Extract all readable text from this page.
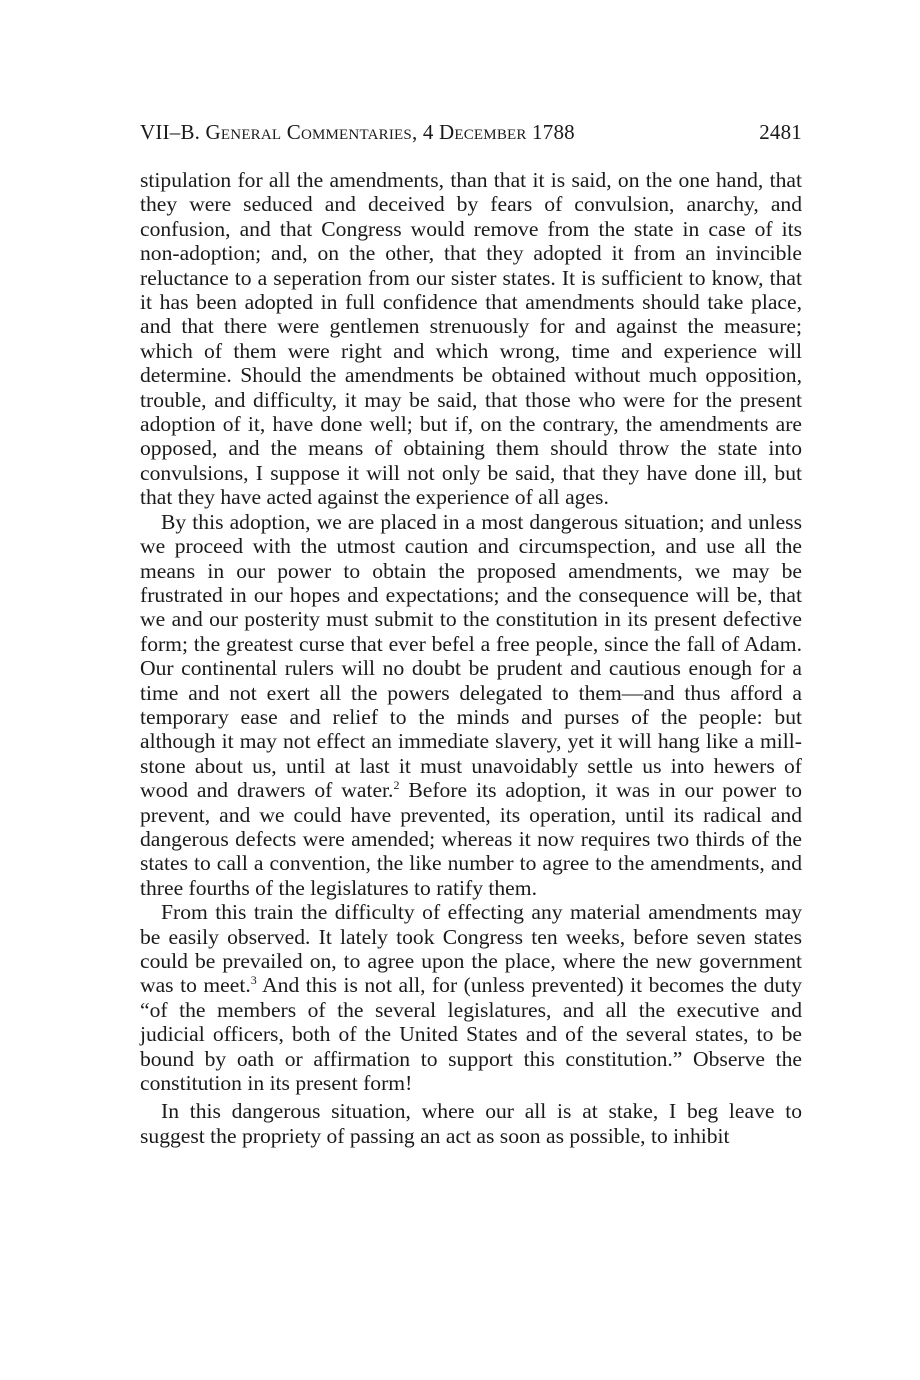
VII–B. General Commentaries, 4 December 1788	2481

stipulation for all the amendments, than that it is said, on the one hand, that they were seduced and deceived by fears of convulsion, anarchy, and confusion, and that Congress would remove from the state in case of its non-adoption; and, on the other, that they adopted it from an invincible reluctance to a seperation from our sister states. It is sufficient to know, that it has been adopted in full confidence that amendments should take place, and that there were gentlemen strenuously for and against the measure; which of them were right and which wrong, time and experience will determine. Should the amendments be obtained without much opposition, trouble, and difficulty, it may be said, that those who were for the present adoption of it, have done well; but if, on the contrary, the amendments are opposed, and the means of obtaining them should throw the state into convulsions, I suppose it will not only be said, that they have done ill, but that they have acted against the experience of all ages.

By this adoption, we are placed in a most dangerous situation; and unless we proceed with the utmost caution and circumspection, and use all the means in our power to obtain the proposed amendments, we may be frustrated in our hopes and expectations; and the consequence will be, that we and our posterity must submit to the constitution in its present defective form; the greatest curse that ever befel a free people, since the fall of Adam. Our continental rulers will no doubt be prudent and cautious enough for a time and not exert all the powers delegated to them—and thus afford a temporary ease and relief to the minds and purses of the people: but although it may not effect an immediate slavery, yet it will hang like a mill-stone about us, until at last it must unavoidably settle us into hewers of wood and drawers of water.$^2$ Before its adoption, it was in our power to prevent, and we could have prevented, its operation, until its radical and dangerous defects were amended; whereas it now requires two thirds of the states to call a convention, the like number to agree to the amendments, and three fourths of the legislatures to ratify them.

From this train the difficulty of effecting any material amendments may be easily observed. It lately took Congress ten weeks, before seven states could be prevailed on, to agree upon the place, where the new government was to meet.$^3$ And this is not all, for (unless prevented) it becomes the duty “of the members of the several legislatures, and all the executive and judicial officers, both of the United States and of the several states, to be bound by oath or affirmation to support this constitution.” Observe the constitution in its present form!

In this dangerous situation, where our all is at stake, I beg leave to suggest the propriety of passing an act as soon as possible, to inhibit
